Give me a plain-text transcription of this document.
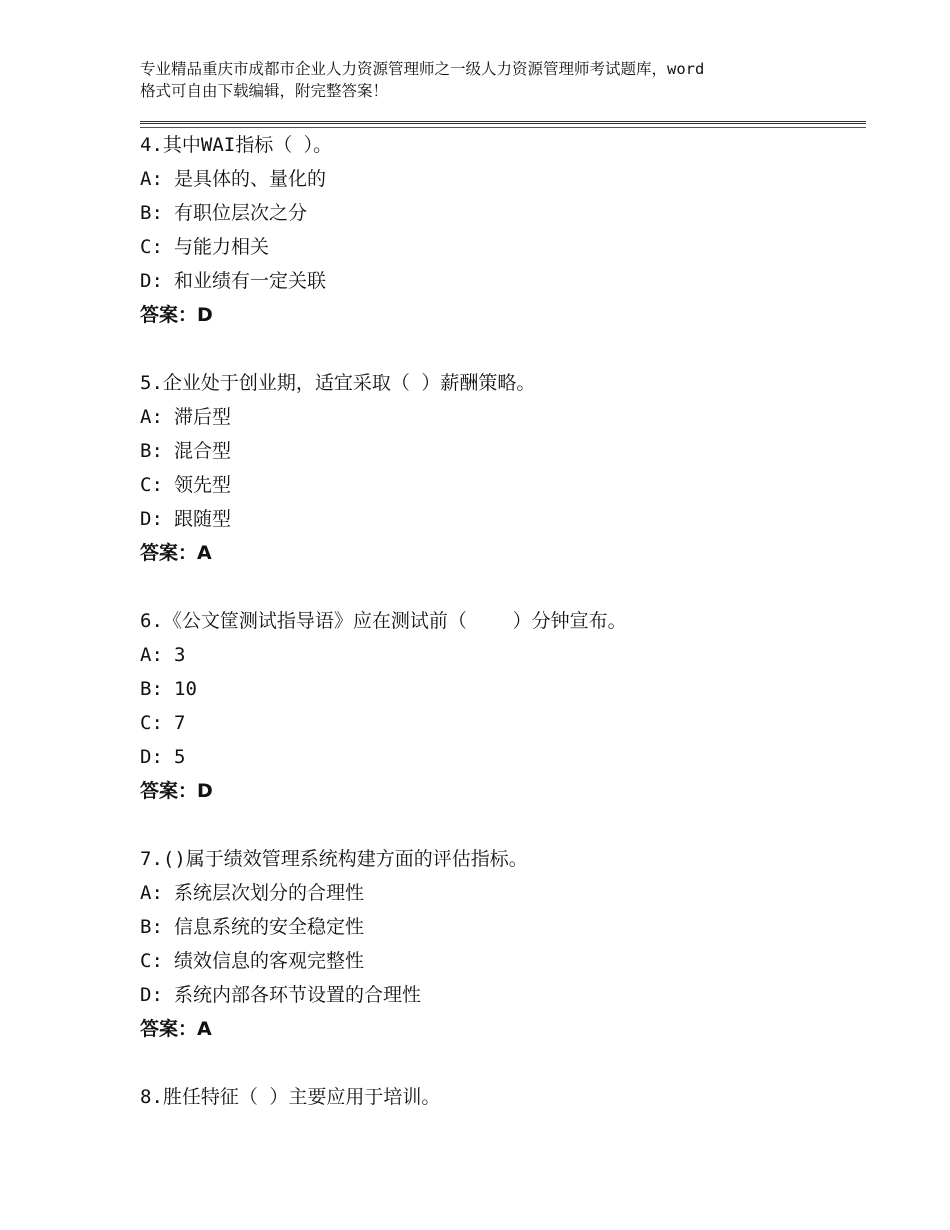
专业精品重庆市成都市企业人力资源管理师之一级人力资源管理师考试题库，word
格式可自由下载编辑，附完整答案！
4.其中WAI指标（ ）。
A: 是具体的、量化的
B: 有职位层次之分
C: 与能力相关
D: 和业绩有一定关联
答案：D
5.企业处于创业期，适宜采取（ ）薪酬策略。
A: 滞后型
B: 混合型
C: 领先型
D: 跟随型
答案：A
6.《公文筐测试指导语》应在测试前（    ）分钟宣布。
A: 3
B: 10
C: 7
D: 5
答案：D
7.()属于绩效管理系统构建方面的评估指标。
A: 系统层次划分的合理性
B: 信息系统的安全稳定性
C: 绩效信息的客观完整性
D: 系统内部各环节设置的合理性
答案：A
8.胜任特征（ ）主要应用于培训。
